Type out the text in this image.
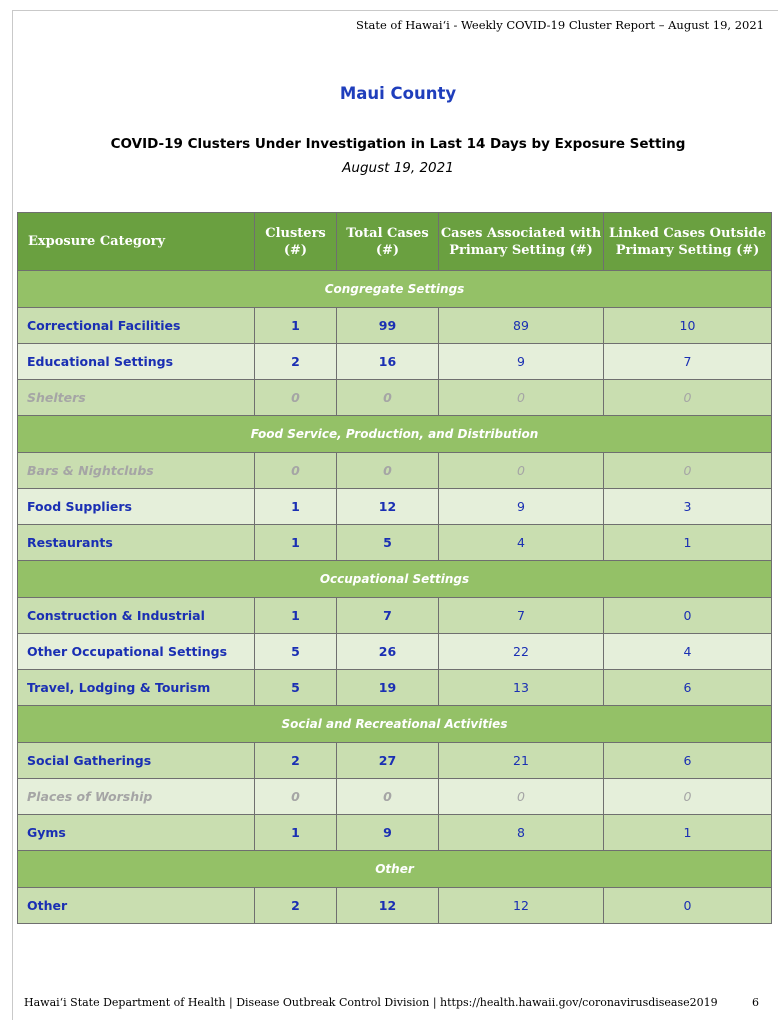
State of Hawaiʻi - Weekly COVID-19 Cluster Report – August 19, 2021
Maui County
COVID-19 Clusters Under Investigation in Last 14 Days by Exposure Setting
August 19, 2021
Exposure Category	Clusters (#)	Total Cases (#)	Cases Associated with Primary Setting (#)	Linked Cases Outside Primary Setting (#)
Congregate Settings				
Correctional Facilities	1	99	89	10
Educational Settings	2	16	9	7
Shelters	0	0	0	0
Food Service, Production, and Distribution				
Bars & Nightclubs	0	0	0	0
Food Suppliers	1	12	9	3
Restaurants	1	5	4	1
Occupational Settings				
Construction & Industrial	1	7	7	0
Other Occupational Settings	5	26	22	4
Travel, Lodging & Tourism	5	19	13	6
Social and Recreational Activities				
Social Gatherings	2	27	21	6
Places of Worship	0	0	0	0
Gyms	1	9	8	1
Other				
Other	2	12	12	0
Hawaiʻi State Department of Health | Disease Outbreak Control Division | https://health.hawaii.gov/coronavirusdisease2019	6
